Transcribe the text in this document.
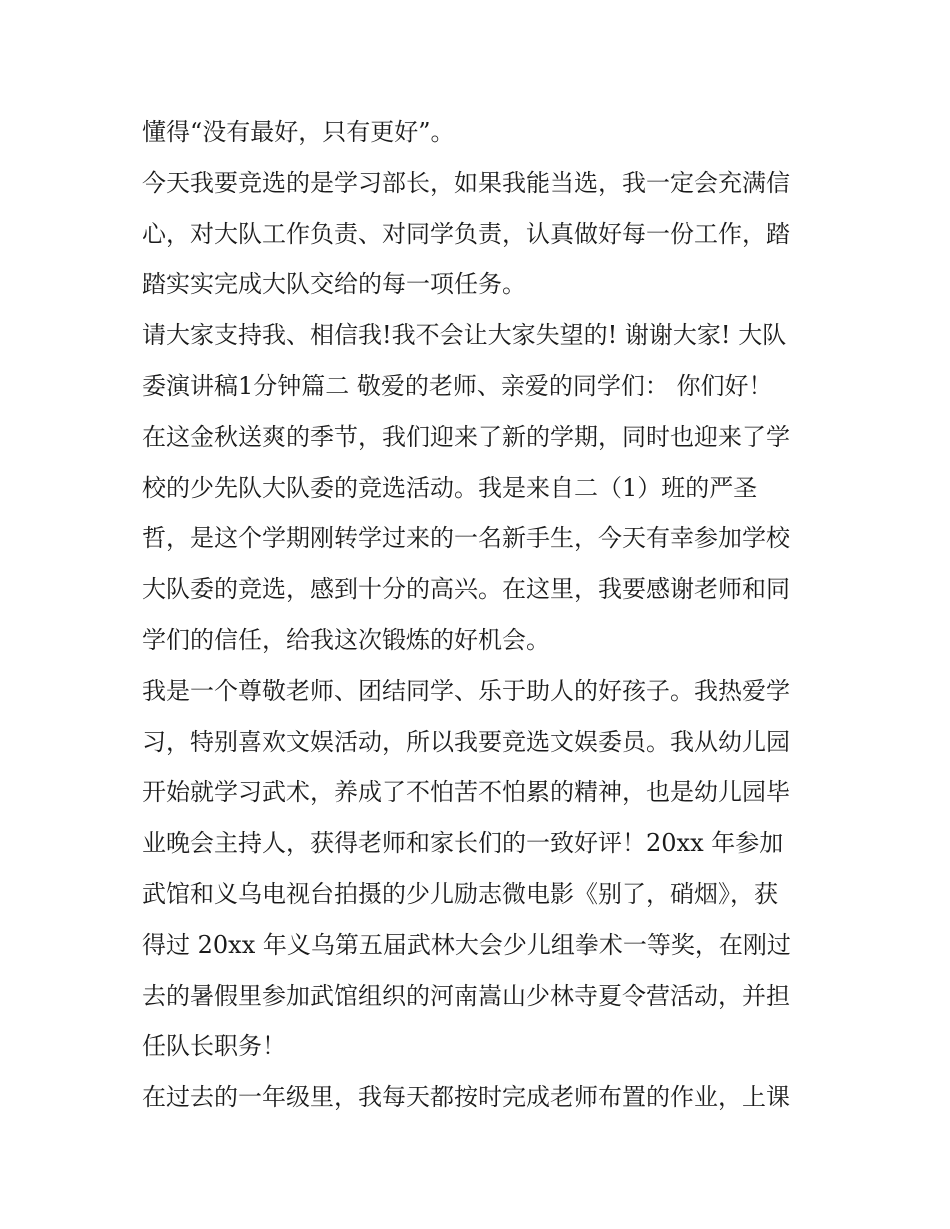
懂得“没有最好，只有更好”。
今天我要竞选的是学习部长，如果我能当选，我一定会充满信
心，对大队工作负责、对同学负责，认真做好每一份工作，踏
踏实实完成大队交给的每一项任务。
请大家支持我、相信我!我不会让大家失望的! 谢谢大家! 大队
委演讲稿1分钟篇二 敬爱的老师、亲爱的同学们： 你们好！
在这金秋送爽的季节，我们迎来了新的学期，同时也迎来了学
校的少先队大队委的竞选活动。我是来自二（1）班的严圣
哲，是这个学期刚转学过来的一名新手生，今天有幸参加学校
大队委的竞选，感到十分的高兴。在这里，我要感谢老师和同
学们的信任，给我这次锻炼的好机会。
我是一个尊敬老师、团结同学、乐于助人的好孩子。我热爱学
习，特别喜欢文娱活动，所以我要竞选文娱委员。我从幼儿园
开始就学习武术，养成了不怕苦不怕累的精神，也是幼儿园毕
业晚会主持人，获得老师和家长们的一致好评！20xx 年参加
武馆和义乌电视台拍摄的少儿励志微电影《别了，硝烟》，获
得过 20xx 年义乌第五届武林大会少儿组拳术一等奖，在刚过
去的暑假里参加武馆组织的河南嵩山少林寺夏令营活动，并担
任队长职务！
在过去的一年级里，我每天都按时完成老师布置的作业，上课
